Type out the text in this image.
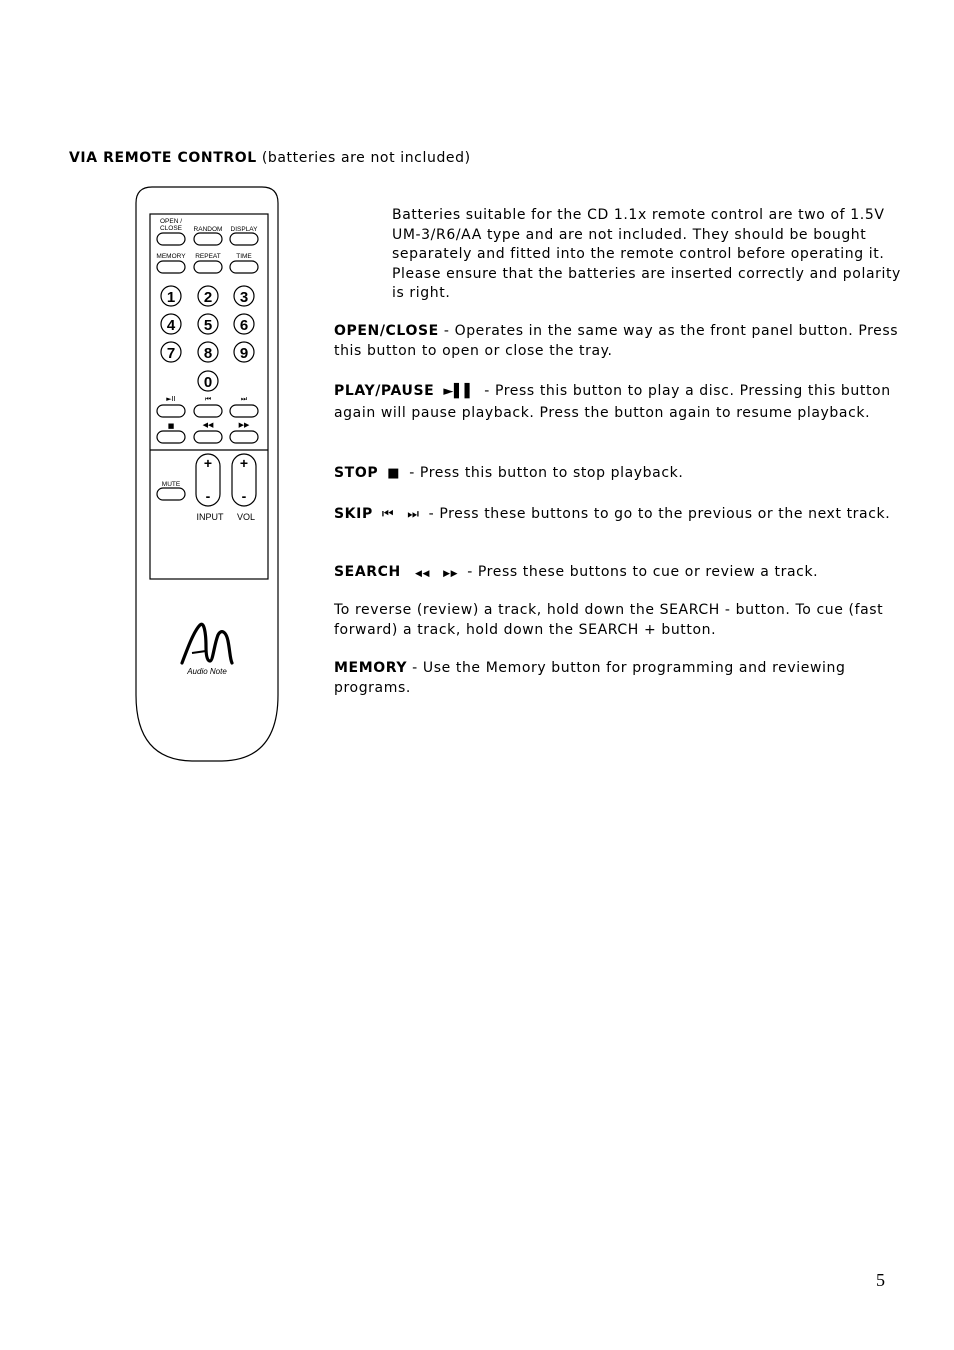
VIA REMOTE CONTROL (batteries are not included)
OPEN /
CLOSE RANDOM DISPLAY
MEMORY REPEAT TIME
MUTE
1 2 3
4 5 6
7 8 9
0
►II	⏮	⏭
■	◀◀	▶▶
+ +
- -
INPUT VOL
Audio Note

Batteries suitable for the CD 1.1x remote control are two of 1.5V UM-3/R6/AA type and are not included. They should be bought separately and fitted into the remote control before operating it. Please ensure that the batteries are inserted correctly and polarity is right.

OPEN/CLOSE - Operates in the same way as the front panel button. Press this button to open or close the tray.

PLAY/PAUSE ►▌▌ - Press this button to play a disc. Pressing this button again will pause playback. Press the button again to resume playback.

STOP ■ - Press this button to stop playback.

SKIP ⏮ ⏭ - Press these buttons to go to the previous or the next track.

SEARCH ◀◀ ▶▶ - Press these buttons to cue or review a track.

To reverse (review) a track, hold down the SEARCH - button. To cue (fast forward) a track, hold down the SEARCH + button.

MEMORY - Use the Memory button for programming and reviewing programs.

5
